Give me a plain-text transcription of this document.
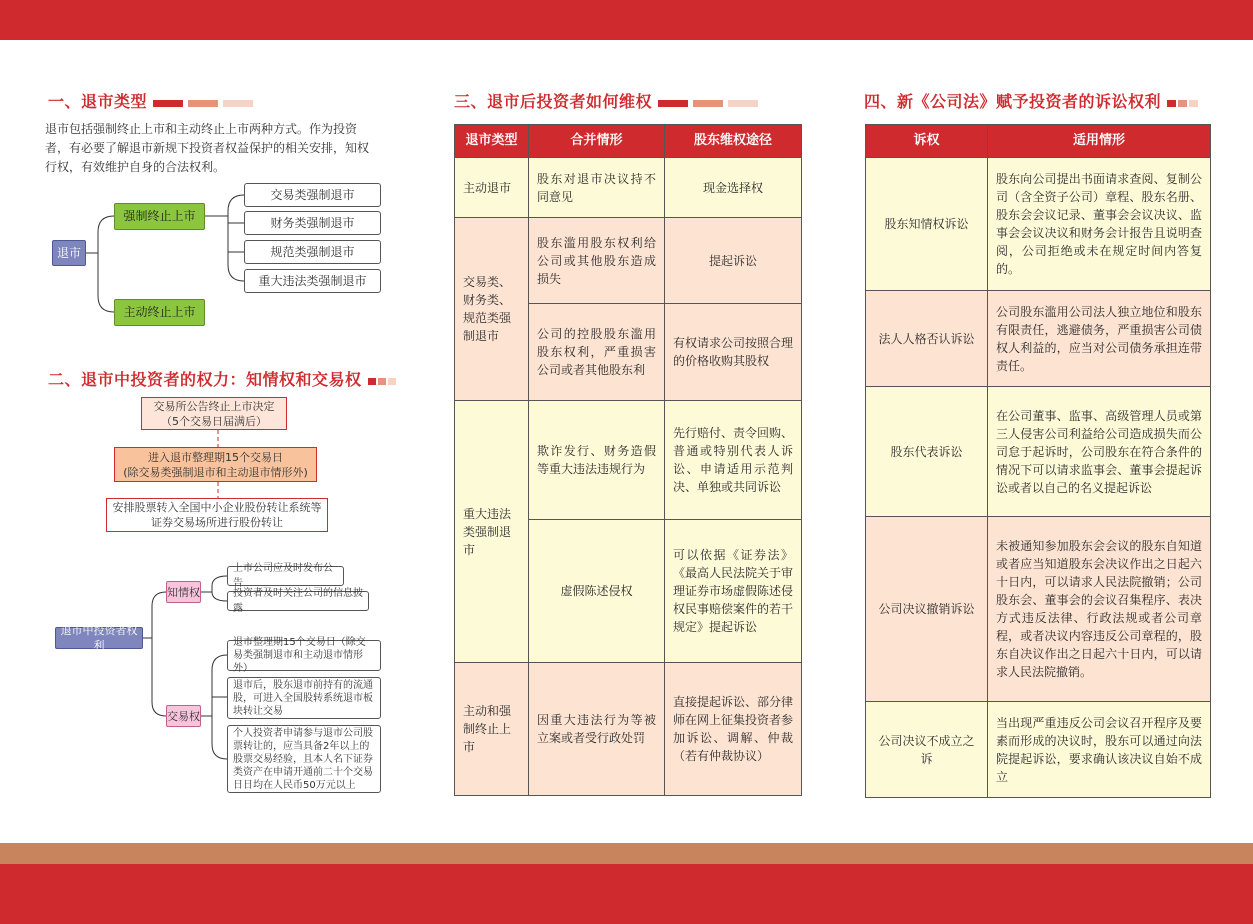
一、退市类型
退市包括强制终止上市和主动终止上市两种方式。作为投资者，有必要了解退市新规下投资者权益保护的相关安排，知权行权，有效维护自身的合法权利。
退市
强制终止上市
主动终止上市
交易类强制退市
财务类强制退市
规范类强制退市
重大违法类强制退市
二、退市中投资者的权力：知情权和交易权
交易所公告终止上市决定
（5个交易日届满后）
进入退市整理期15个交易日
(除交易类强制退市和主动退市情形外)
安排股票转入全国中小企业股份转让系统等
证券交易场所进行股份转让
退市中投资者权利
知情权
交易权
上市公司应及时发布公告
投资者及时关注公司的信息披露
退市整理期15个交易日（除交易类强制退市和主动退市情形外）
退市后，股东退市前持有的流通股，可进入全国股转系统退市板块转让交易
个人投资者申请参与退市公司股票转让的，应当具备2年以上的股票交易经验，且本人名下证券类资产在申请开通前二十个交易日日均在人民币50万元以上
三、退市后投资者如何维权
退市类型	合并情形	股东维权途径
主动退市	股东对退市决议持不同意见	现金选择权
交易类、财务类、规范类强制退市	股东滥用股东权利给公司或其他股东造成损失	提起诉讼
	公司的控股股东滥用股东权利，严重损害公司或者其他股东利	有权请求公司按照合理的价格收购其股权
重大违法类强制退市	欺诈发行、财务造假等重大违法违规行为	先行赔付、责令回购、普通或特别代表人诉讼、申请适用示范判决、单独或共同诉讼
	虚假陈述侵权	可以依据《证券法》《最高人民法院关于审理证券市场虚假陈述侵权民事赔偿案件的若干规定》提起诉讼
主动和强制终止上市	因重大违法行为等被立案或者受行政处罚	直接提起诉讼、部分律师在网上征集投资者参加诉讼、调解、仲裁（若有仲裁协议）
四、新《公司法》赋予投资者的诉讼权利
诉权	适用情形
股东知情权诉讼	股东向公司提出书面请求查阅、复制公司（含全资子公司）章程、股东名册、股东会会议记录、董事会会议决议、监事会会议决议和财务会计报告且说明查阅，公司拒绝或未在规定时间内答复的。
法人人格否认诉讼	公司股东滥用公司法人独立地位和股东有限责任，逃避债务，严重损害公司债权人利益的，应当对公司债务承担连带责任。
股东代表诉讼	在公司董事、监事、高级管理人员或第三人侵害公司利益给公司造成损失而公司怠于起诉时，公司股东在符合条件的情况下可以请求监事会、董事会提起诉讼或者以自己的名义提起诉讼
公司决议撤销诉讼	未被通知参加股东会会议的股东自知道或者应当知道股东会决议作出之日起六十日内，可以请求人民法院撤销；公司股东会、董事会的会议召集程序、表决方式违反法律、行政法规或者公司章程，或者决议内容违反公司章程的，股东自决议作出之日起六十日内，可以请求人民法院撤销。
公司决议不成立之诉	当出现严重违反公司会议召开程序及要素而形成的决议时，股东可以通过向法院提起诉讼，要求确认该决议自始不成立
